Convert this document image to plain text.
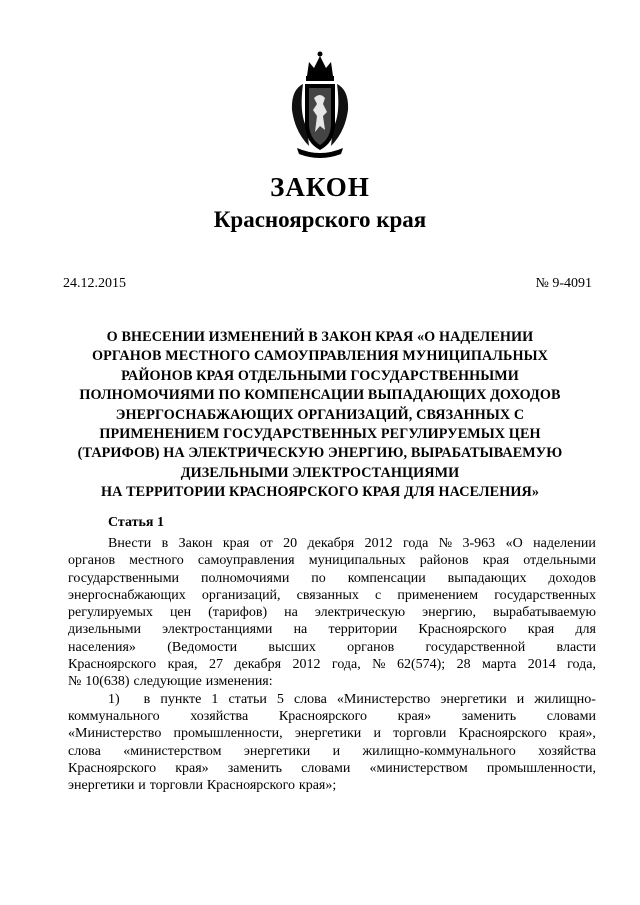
ЗАКОН
Красноярского края
24.12.2015	№ 9-4091
О ВНЕСЕНИИ ИЗМЕНЕНИЙ В ЗАКОН КРАЯ «О НАДЕЛЕНИИ
ОРГАНОВ МЕСТНОГО САМОУПРАВЛЕНИЯ МУНИЦИПАЛЬНЫХ
РАЙОНОВ КРАЯ ОТДЕЛЬНЫМИ ГОСУДАРСТВЕННЫМИ
ПОЛНОМОЧИЯМИ ПО КОМПЕНСАЦИИ ВЫПАДАЮЩИХ ДОХОДОВ
ЭНЕРГОСНАБЖАЮЩИХ ОРГАНИЗАЦИЙ, СВЯЗАННЫХ С
ПРИМЕНЕНИЕМ ГОСУДАРСТВЕННЫХ РЕГУЛИРУЕМЫХ ЦЕН
(ТАРИФОВ) НА ЭЛЕКТРИЧЕСКУЮ ЭНЕРГИЮ, ВЫРАБАТЫВАЕМУЮ
ДИЗЕЛЬНЫМИ ЭЛЕКТРОСТАНЦИЯМИ
НА ТЕРРИТОРИИ КРАСНОЯРСКОГО КРАЯ ДЛЯ НАСЕЛЕНИЯ»
Статья 1
Внести в Закон края от 20 декабря 2012 года № 3-963 «О наделении
органов местного самоуправления муниципальных районов края отдельными
государственными полномочиями по компенсации выпадающих доходов
энергоснабжающих организаций, связанных с применением государственных
регулируемых цен (тарифов) на электрическую энергию, вырабатываемую
дизельными электростанциями на территории Красноярского края для
населения» (Ведомости высших органов государственной власти
Красноярского края, 27 декабря 2012 года, № 62(574); 28 марта 2014 года,
№ 10(638) следующие изменения:
1) в пункте 1 статьи 5 слова «Министерство энергетики и жилищно-
коммунального хозяйства Красноярского края» заменить словами
«Министерство промышленности, энергетики и торговли Красноярского края»,
слова «министерством энергетики и жилищно-коммунального хозяйства
Красноярского края» заменить словами «министерством промышленности,
энергетики и торговли Красноярского края»;
